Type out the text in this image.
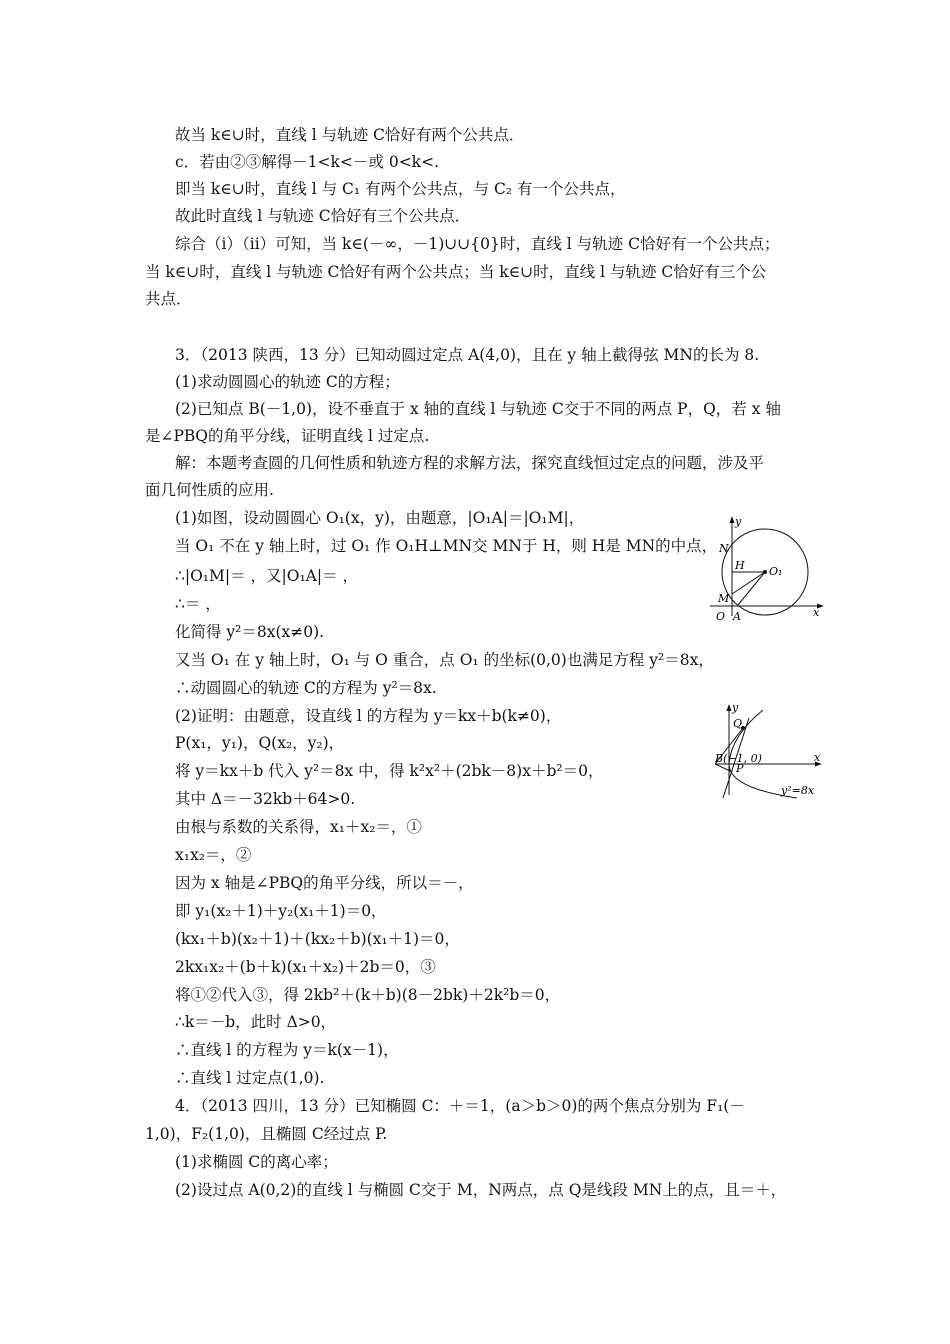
故当 k∈∪时，直线 l 与轨迹 C恰好有两个公共点．
c．若由②③解得－1<k<－或 0<k<.
即当 k∈∪时，直线 l 与 C₁ 有两个公共点，与 C₂ 有一个公共点，
故此时直线 l 与轨迹 C恰好有三个公共点．
综合（ⅰ）（ⅱ）可知，当 k∈(－∞，－1)∪∪{0}时，直线 l 与轨迹 C恰好有一个公共点；
当 k∈∪时，直线 l 与轨迹 C恰好有两个公共点；当 k∈∪时，直线 l 与轨迹 C恰好有三个公
共点．
3．（2013 陕西，13 分）已知动圆过定点 A(4,0)，且在 y 轴上截得弦 MN的长为 8.
(1)求动圆圆心的轨迹 C的方程；
(2)已知点 B(－1,0)，设不垂直于 x 轴的直线 l 与轨迹 C交于不同的两点 P，Q，若 x 轴
是∠PBQ的角平分线，证明直线 l 过定点.
解：本题考查圆的几何性质和轨迹方程的求解方法，探究直线恒过定点的问题，涉及平
面几何性质的应用.
(1)如图，设动圆圆心 O₁(x，y)，由题意，|O₁A|＝|O₁M|，
当 O₁ 不在 y 轴上时，过 O₁ 作 O₁H⊥MN交 MN于 H，则 H是 MN的中点，
∴|O₁M|＝ ，又|O₁A|＝ ，
∴＝ ，
化简得 y²＝8x(x≠0).
又当 O₁ 在 y 轴上时，O₁ 与 O 重合，点 O₁ 的坐标(0,0)也满足方程 y²＝8x，
∴动圆圆心的轨迹 C的方程为 y²＝8x.
(2)证明：由题意，设直线 l 的方程为 y＝kx＋b(k≠0)，
P(x₁，y₁)，Q(x₂，y₂)，
将 y＝kx＋b 代入 y²＝8x 中，得 k²x²＋(2bk－8)x＋b²＝0，
其中 Δ＝－32kb＋64>0.
由根与系数的关系得，x₁＋x₂＝，①
x₁x₂＝，②
因为 x 轴是∠PBQ的角平分线，所以＝－，
即 y₁(x₂＋1)＋y₂(x₁＋1)＝0，
(kx₁＋b)(x₂＋1)＋(kx₂＋b)(x₁＋1)＝0，
2kx₁x₂＋(b＋k)(x₁＋x₂)＋2b＝0，③
将①②代入③，得 2kb²＋(k＋b)(8－2bk)＋2k²b＝0，
∴k＝－b，此时 Δ>0，
∴直线 l 的方程为 y＝k(x－1)，
∴直线 l 过定点(1,0).
4．（2013 四川，13 分）已知椭圆 C：＋＝1，(a＞b＞0)的两个焦点分别为 F₁(－
1,0)，F₂(1,0)，且椭圆 C经过点 P.
(1)求椭圆 C的离心率；
(2)设过点 A(0,2)的直线 l 与椭圆 C交于 M，N两点，点 Q是线段 MN上的点，且＝＋，
y
N
H O₁
M
O A	x
y
Q
B(−1, 0)
P
x
y²=8x
